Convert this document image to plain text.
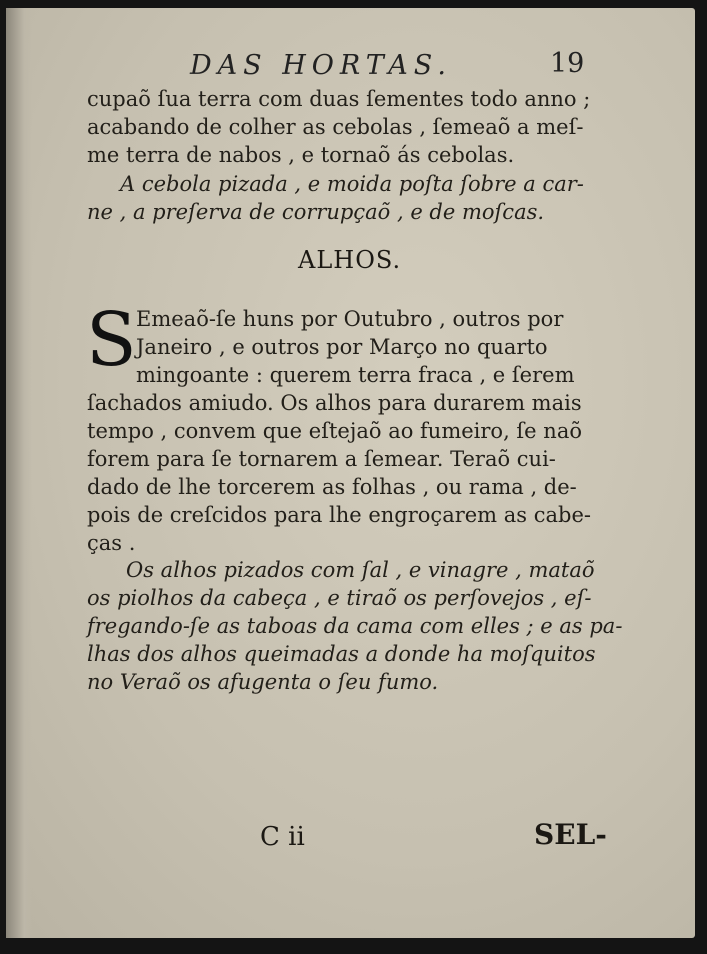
DAS HORTAS.	19
cupaõ ſua terra com duas ſementes todo anno ;
acabando de colher as cebolas , ſemeaõ a meſ-
me terra de nabos , e tornaõ ás cebolas.
A cebola pizada , e moida poſta ſobre a car-
ne , a preſerva de corrupçaõ , e de moſcas.
ALHOS.
S Emeaõ-ſe huns por Outubro , outros por
Janeiro , e outros por Março no quarto
mingoante : querem terra fraca , e ſerem
ſachados amiudo. Os alhos para durarem mais
tempo , convem que eſtejaõ ao fumeiro, ſe naõ
forem para ſe tornarem a ſemear. Teraõ cui-
dado de lhe torcerem as folhas , ou rama , de-
pois de creſcidos para lhe engroçarem as cabe-
ças .
Os alhos pizados com ſal , e vinagre , mataõ
os piolhos da cabeça , e tiraõ os perſovejos , eſ-
fregando-ſe as taboas da cama com elles ; e as pa-
lhas dos alhos queimadas a donde ha moſquitos
no Veraõ os afugenta o ſeu fumo.
C ii	SEL-
